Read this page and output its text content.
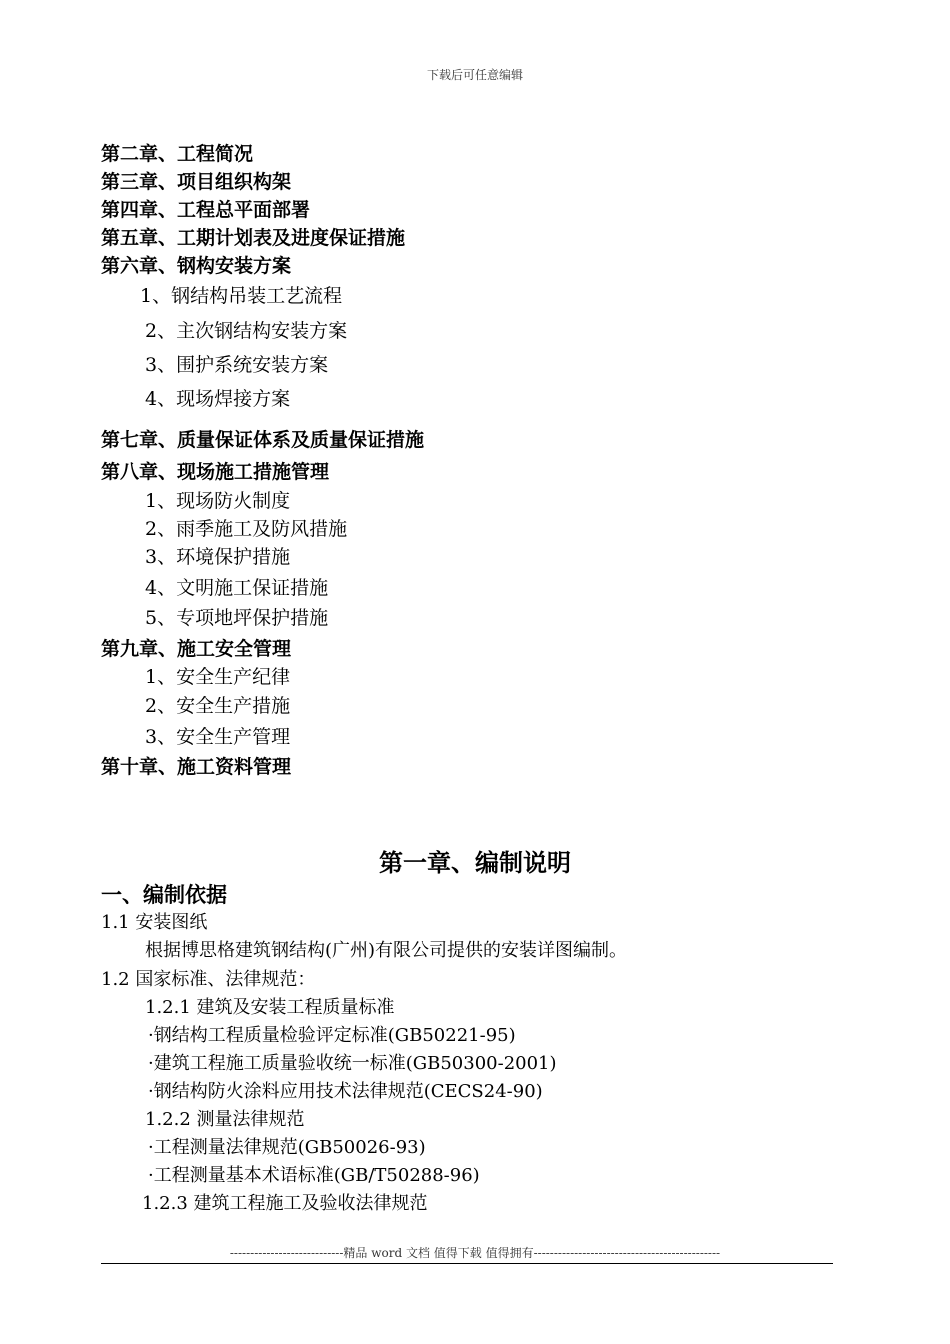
下载后可任意编辑
第二章、工程简况
第三章、项目组织构架
第四章、工程总平面部署
第五章、工期计划表及进度保证措施
第六章、钢构安装方案
1、钢结构吊装工艺流程
2、主次钢结构安装方案
3、围护系统安装方案
4、现场焊接方案
第七章、质量保证体系及质量保证措施
第八章、现场施工措施管理
1、现场防火制度
2、雨季施工及防风措施
3、环境保护措施
4、文明施工保证措施
5、专项地坪保护措施
第九章、施工安全管理
1、安全生产纪律
2、安全生产措施
3、安全生产管理
第十章、施工资料管理
第一章、编制说明
一、编制依据
1.1 安装图纸
根据博思格建筑钢结构(广州)有限公司提供的安装详图编制。
1.2 国家标准、法律规范：
1.2.1 建筑及安装工程质量标准
·钢结构工程质量检验评定标准(GB50221-95)
·建筑工程施工质量验收统一标准(GB50300-2001)
·钢结构防火涂料应用技术法律规范(CECS24-90)
1.2.2 测量法律规范
·工程测量法律规范(GB50026-93)
·工程测量基本术语标准(GB/T50288-96)
1.2.3 建筑工程施工及验收法律规范
----------------------------精品 word 文档 值得下载 值得拥有----------------------------------------------
